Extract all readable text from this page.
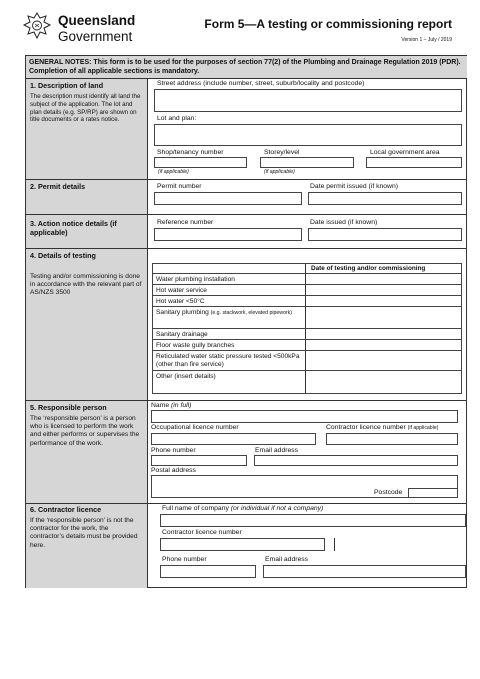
Queensland
Government
Form 5—A testing or commissioning report
Version 1 – July / 2019
GENERAL NOTES: This form is to be used for the purposes of section 77(2) of the Plumbing and Drainage Regulation 2019 (PDR). Completion of all applicable sections is mandatory.
1. Description of land
The description must identify all land the subject of the application. The lot and plan details (e.g. SP/RP) are shown on title documents or a rates notice.
Street address (include number, street, suburb/locality and postcode)
Lot and plan:
Shop/tenancy number
(if applicable)
Storey/level
(if applicable)
Local government area
2. Permit details	Permit number	Date permit issued (if known)
3. Action notice details (if applicable)
Reference number	Date issued (if known)
4. Details of testing
Testing and/or commissioning is done in accordance with the relevant part of AS/NZS 3500
Date of testing and/or commissioning
Water plumbing installation
Hot water service
Hot water <50°C
Sanitary plumbing (e.g. stackwork, elevated pipework)
Sanitary drainage
Floor waste gully branches
Reticulated water static pressure tested <500kPa (other than fire service)
Other (insert details)
5. Responsible person
The ‘responsible person’ is a person who is licensed to perform the work and either performs or supervises the performance of the work.
Name (in full)
Occupational licence number	Contractor licence number (if applicable)
Phone number	Email address
Postal address
Postcode
6. Contractor licence
If the ‘responsible person’ is not the contractor for the work, the contractor’s details must be provided here.
Full name of company (or individual if not a company)
Contractor licence number
Phone number	Email address
